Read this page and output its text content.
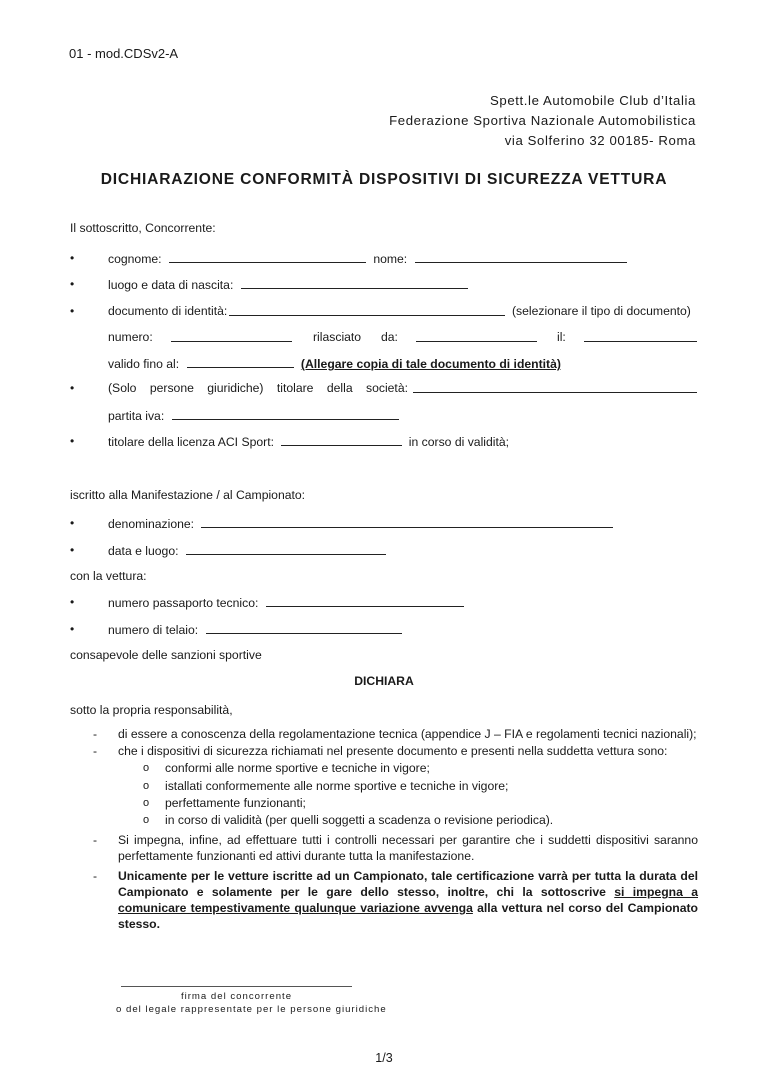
01 - mod.CDSv2-A
Spett.le Automobile Club d’Italia
Federazione Sportiva Nazionale Automobilistica
via Solferino 32 00185- Roma
DICHIARAZIONE CONFORMITÀ DISPOSITIVI DI SICUREZZA VETTURA
Il sottoscritto, Concorrente:
•	cognome:	nome:
•	luogo e data di nascita:
•	documento di identità:	(selezionare il tipo di documento)
numero:	rilasciato da:	il:
valido fino al:	(Allegare copia di tale documento di identità)
•	(Solo persone giuridiche) titolare della società:
partita iva:
•	titolare della licenza ACI Sport:	in corso di validità;
iscritto alla Manifestazione / al Campionato:
•	denominazione:
•	data e luogo:
con la vettura:
•	numero passaporto tecnico:
•	numero di telaio:
consapevole delle sanzioni sportive
DICHIARA
sotto la propria responsabilità,
- di essere a conoscenza della regolamentazione tecnica (appendice J – FIA e regolamenti tecnici nazionali);
- che i dispositivi di sicurezza richiamati nel presente documento e presenti nella suddetta vettura sono:
o conformi alle norme sportive e tecniche in vigore;
o istallati conformemente alle norme sportive e tecniche in vigore;
o perfettamente funzionanti;
o in corso di validità (per quelli soggetti a scadenza o revisione periodica).
- Si impegna, infine, ad effettuare tutti i controlli necessari per garantire che i suddetti dispositivi saranno perfettamente funzionanti ed attivi durante tutta la manifestazione.
- Unicamente per le vetture iscritte ad un Campionato, tale certificazione varrà per tutta la durata del Campionato e solamente per le gare dello stesso, inoltre, chi la sottoscrive si impegna a comunicare tempestivamente qualunque variazione avvenga alla vettura nel corso del Campionato stesso.
firma del concorrente
o del legale rappresentate per le persone giuridiche
1/3
